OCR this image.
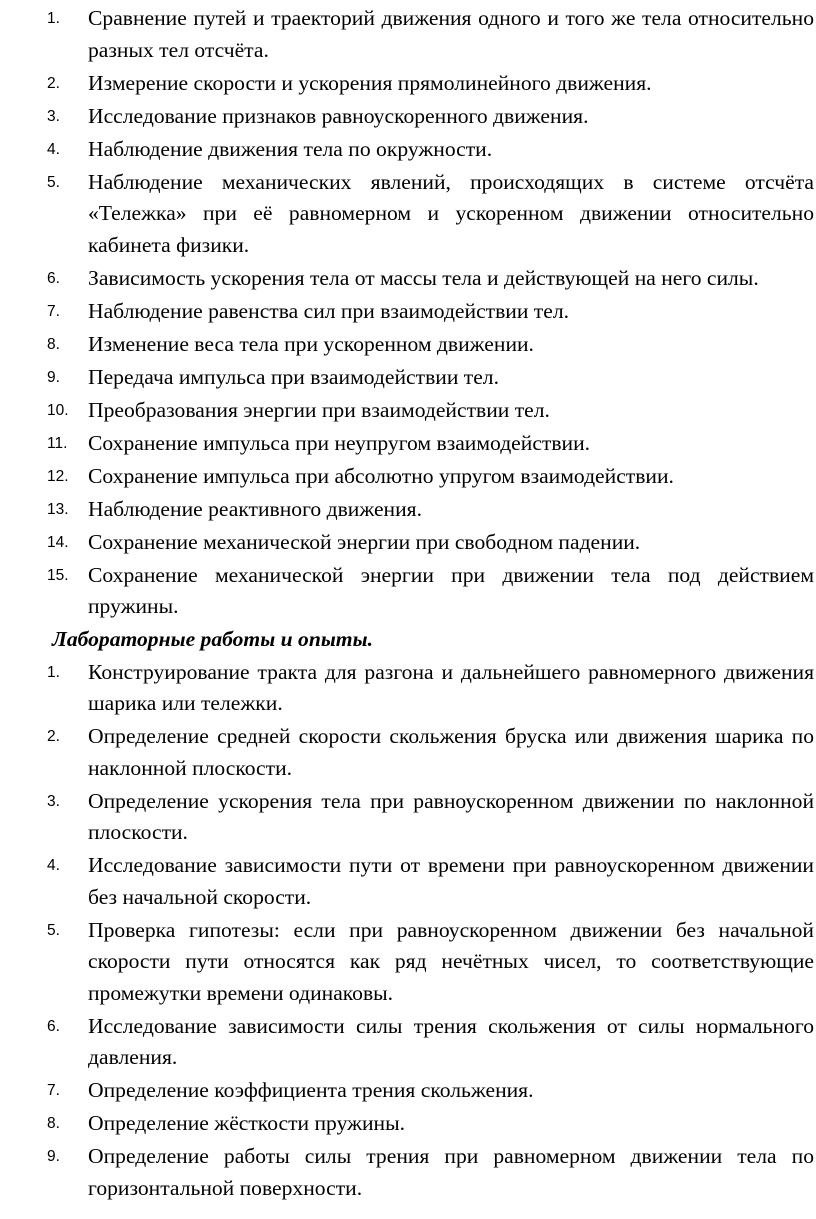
1. Сравнение путей и траекторий движения одного и того же тела относительно разных тел отсчёта.
2. Измерение скорости и ускорения прямолинейного движения.
3. Исследование признаков равноускоренного движения.
4. Наблюдение движения тела по окружности.
5. Наблюдение механических явлений, происходящих в системе отсчёта «Тележка» при её равномерном и ускоренном движении относительно кабинета физики.
6. Зависимость ускорения тела от массы тела и действующей на него силы.
7. Наблюдение равенства сил при взаимодействии тел.
8. Изменение веса тела при ускоренном движении.
9. Передача импульса при взаимодействии тел.
10. Преобразования энергии при взаимодействии тел.
11. Сохранение импульса при неупругом взаимодействии.
12. Сохранение импульса при абсолютно упругом взаимодействии.
13. Наблюдение реактивного движения.
14. Сохранение механической энергии при свободном падении.
15. Сохранение механической энергии при движении тела под действием пружины.
Лабораторные работы и опыты.
1. Конструирование тракта для разгона и дальнейшего равномерного движения шарика или тележки.
2. Определение средней скорости скольжения бруска или движения шарика по наклонной плоскости.
3. Определение ускорения тела при равноускоренном движении по наклонной плоскости.
4. Исследование зависимости пути от времени при равноускоренном движении без начальной скорости.
5. Проверка гипотезы: если при равноускоренном движении без начальной скорости пути относятся как ряд нечётных чисел, то соответствующие промежутки времени одинаковы.
6. Исследование зависимости силы трения скольжения от силы нормального давления.
7. Определение коэффициента трения скольжения.
8. Определение жёсткости пружины.
9. Определение работы силы трения при равномерном движении тела по горизонтальной поверхности.
